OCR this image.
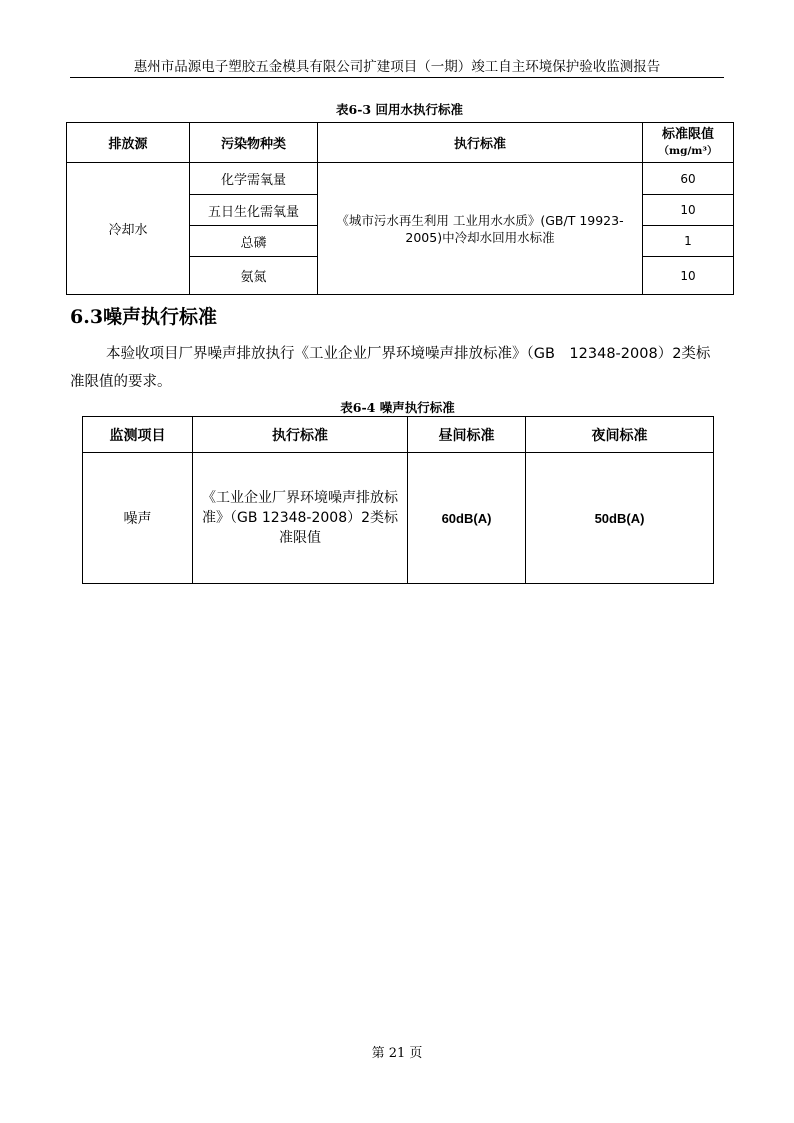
惠州市品源电子塑胶五金模具有限公司扩建项目（一期）竣工自主环境保护验收监测报告
表6-3 回用水执行标准
排放源	污染物种类	执行标准	标准限值
（mg/m³）

冷却水	化学需氧量	《城市污水再生利用 工业用水水质》(GB/T 19923-2005)中冷却水回用水标准	60
	五日生化需氧量		10
	总磷		1
	氨氮		10
6.3噪声执行标准
本验收项目厂界噪声排放执行《工业企业厂界环境噪声排放标准》（GB　12348-2008）2类标准限值的要求。
表6-4 噪声执行标准
监测项目	执行标准	昼间标准	夜间标准
噪声	《工业企业厂界环境噪声排放标准》（GB 12348-2008）2类标准限值	60dB(A)	50dB(A)
第 21 页
